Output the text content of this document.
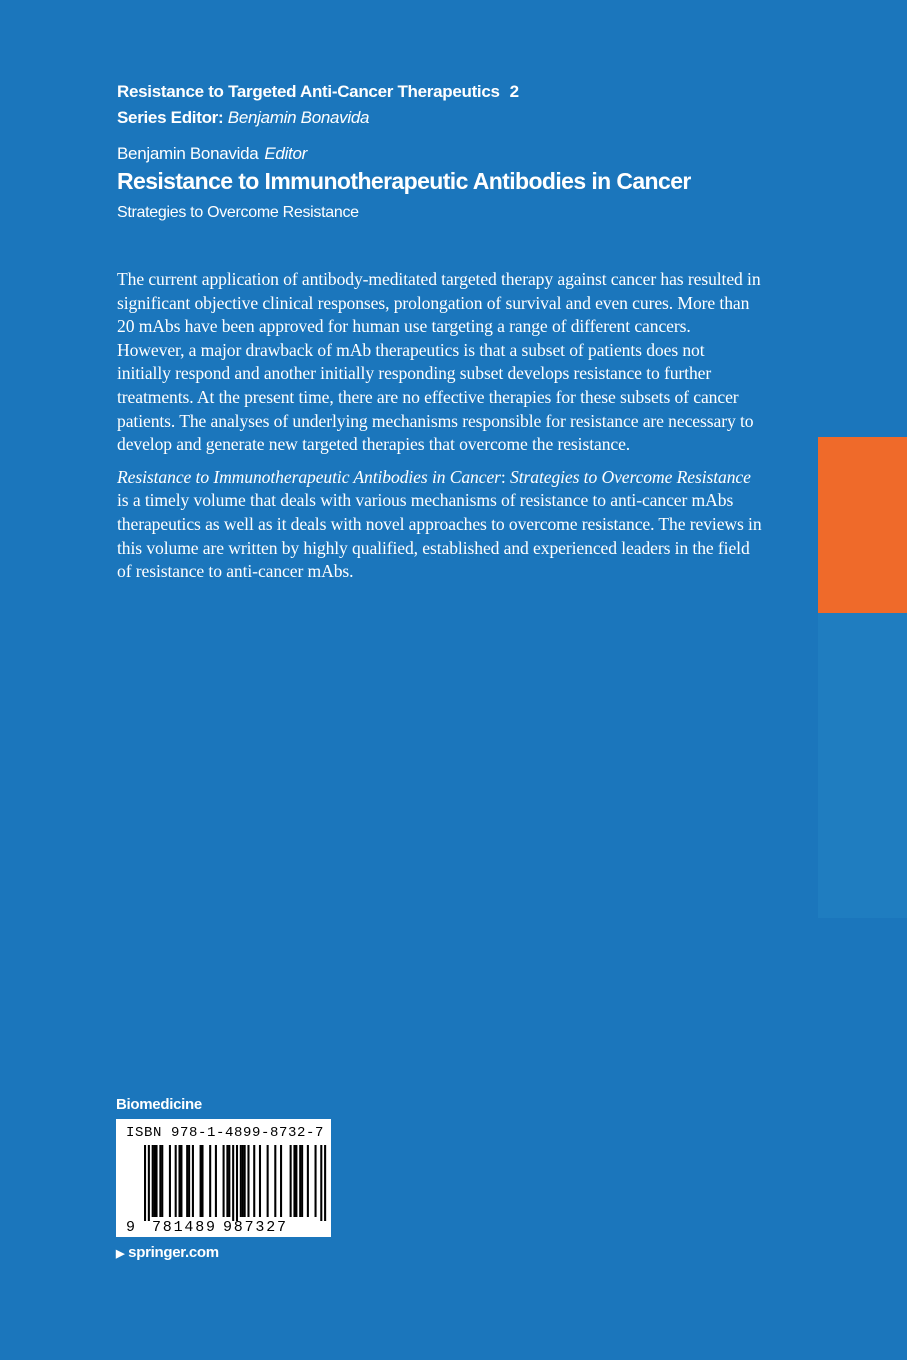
Resistance to Targeted Anti-Cancer Therapeutics 2
Series Editor: Benjamin Bonavida
Benjamin Bonavida Editor
Resistance to Immunotherapeutic Antibodies in Cancer
Strategies to Overcome Resistance

The current application of antibody-meditated targeted therapy against cancer has resulted in significant objective clinical responses, prolongation of survival and even cures. More than 20 mAbs have been approved for human use targeting a range of different cancers. However, a major drawback of mAb therapeutics is that a subset of patients does not initially respond and another initially responding subset develops resistance to further treatments. At the present time, there are no effective therapies for these subsets of cancer patients. The analyses of underlying mechanisms responsible for resistance are necessary to develop and generate new targeted therapies that overcome the resistance.

Resistance to Immunotherapeutic Antibodies in Cancer: Strategies to Overcome Resistance is a timely volume that deals with various mechanisms of resistance to anti-cancer mAbs therapeutics as well as it deals with novel approaches to overcome resistance. The reviews in this volume are written by highly qualified, established and experienced leaders in the field of resistance to anti-cancer mAbs.

Biomedicine
ISBN 978-1-4899-8732-7
9 781489 987327
▶ springer.com
